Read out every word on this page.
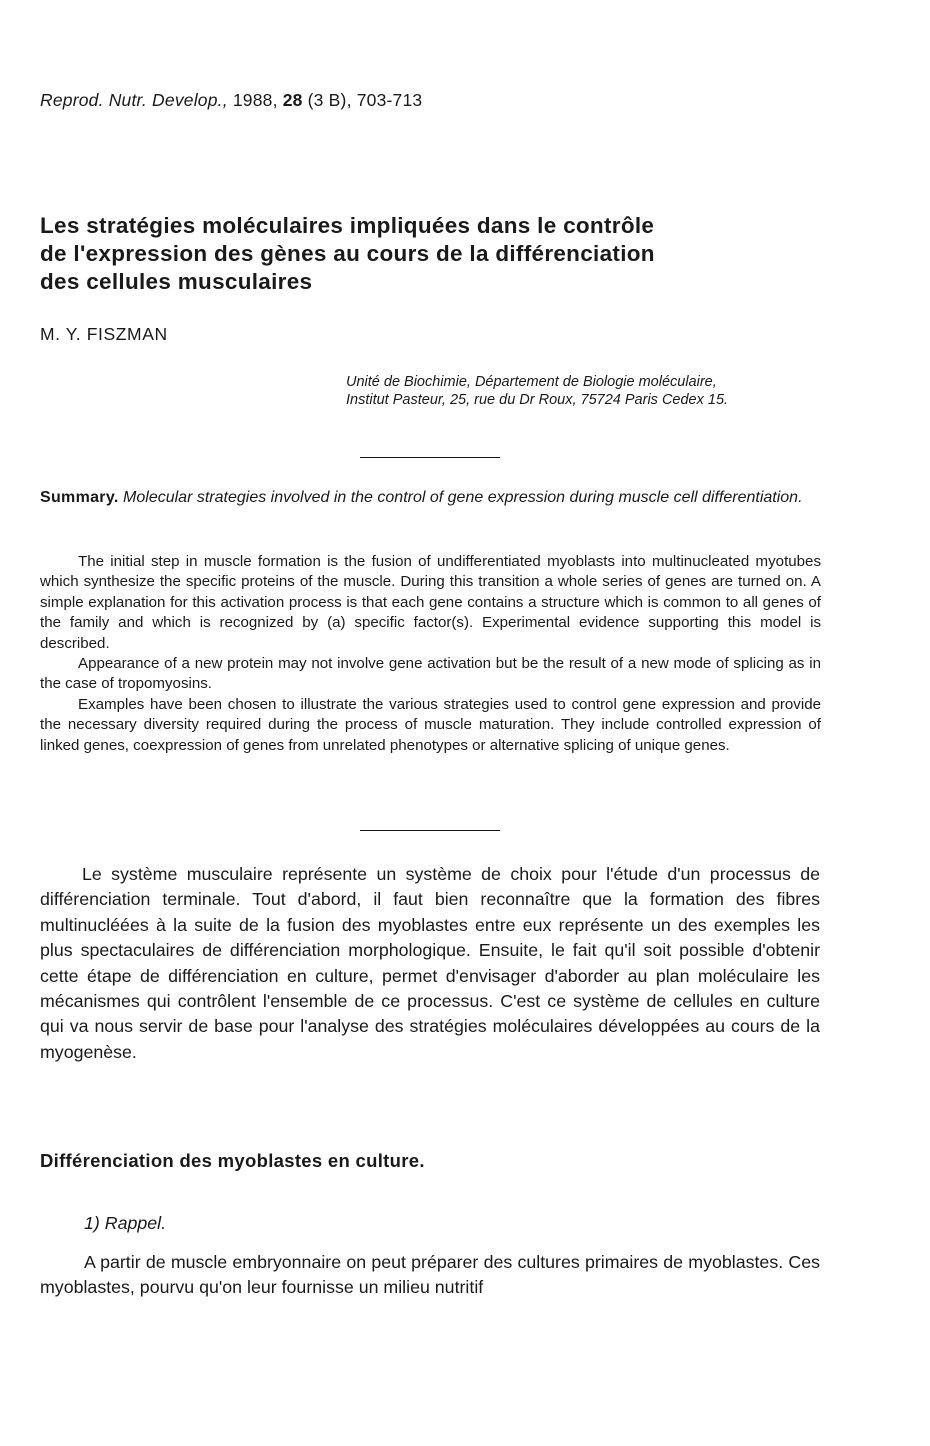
Reprod. Nutr. Develop., 1988, 28 (3 B), 703-713
Les stratégies moléculaires impliquées dans le contrôle
de l'expression des gènes au cours de la différenciation
des cellules musculaires
M. Y. FISZMAN
Unité de Biochimie, Département de Biologie moléculaire,
Institut Pasteur, 25, rue du Dr Roux, 75724 Paris Cedex 15.
Summary. Molecular strategies involved in the control of gene expression during muscle cell differentiation.

The initial step in muscle formation is the fusion of undifferentiated myoblasts into multinucleated myotubes which synthesize the specific proteins of the muscle. During this transition a whole series of genes are turned on. A simple explanation for this activation process is that each gene contains a structure which is common to all genes of the family and which is recognized by (a) specific factor(s). Experimental evidence supporting this model is described.

Appearance of a new protein may not involve gene activation but be the result of a new mode of splicing as in the case of tropomyosins.

Examples have been chosen to illustrate the various strategies used to control gene expression and provide the necessary diversity required during the process of muscle maturation. They include controlled expression of linked genes, coexpression of genes from unrelated phenotypes or alternative splicing of unique genes.

Le système musculaire représente un système de choix pour l'étude d'un processus de différenciation terminale. Tout d'abord, il faut bien reconnaître que la formation des fibres multinucléées à la suite de la fusion des myoblastes entre eux représente un des exemples les plus spectaculaires de différenciation morphologique. Ensuite, le fait qu'il soit possible d'obtenir cette étape de différenciation en culture, permet d'envisager d'aborder au plan moléculaire les mécanismes qui contrôlent l'ensemble de ce processus. C'est ce système de cellules en culture qui va nous servir de base pour l'analyse des stratégies moléculaires développées au cours de la myogenèse.

Différenciation des myoblastes en culture.
1) Rappel.

A partir de muscle embryonnaire on peut préparer des cultures primaires de myoblastes. Ces myoblastes, pourvu qu'on leur fournisse un milieu nutritif
